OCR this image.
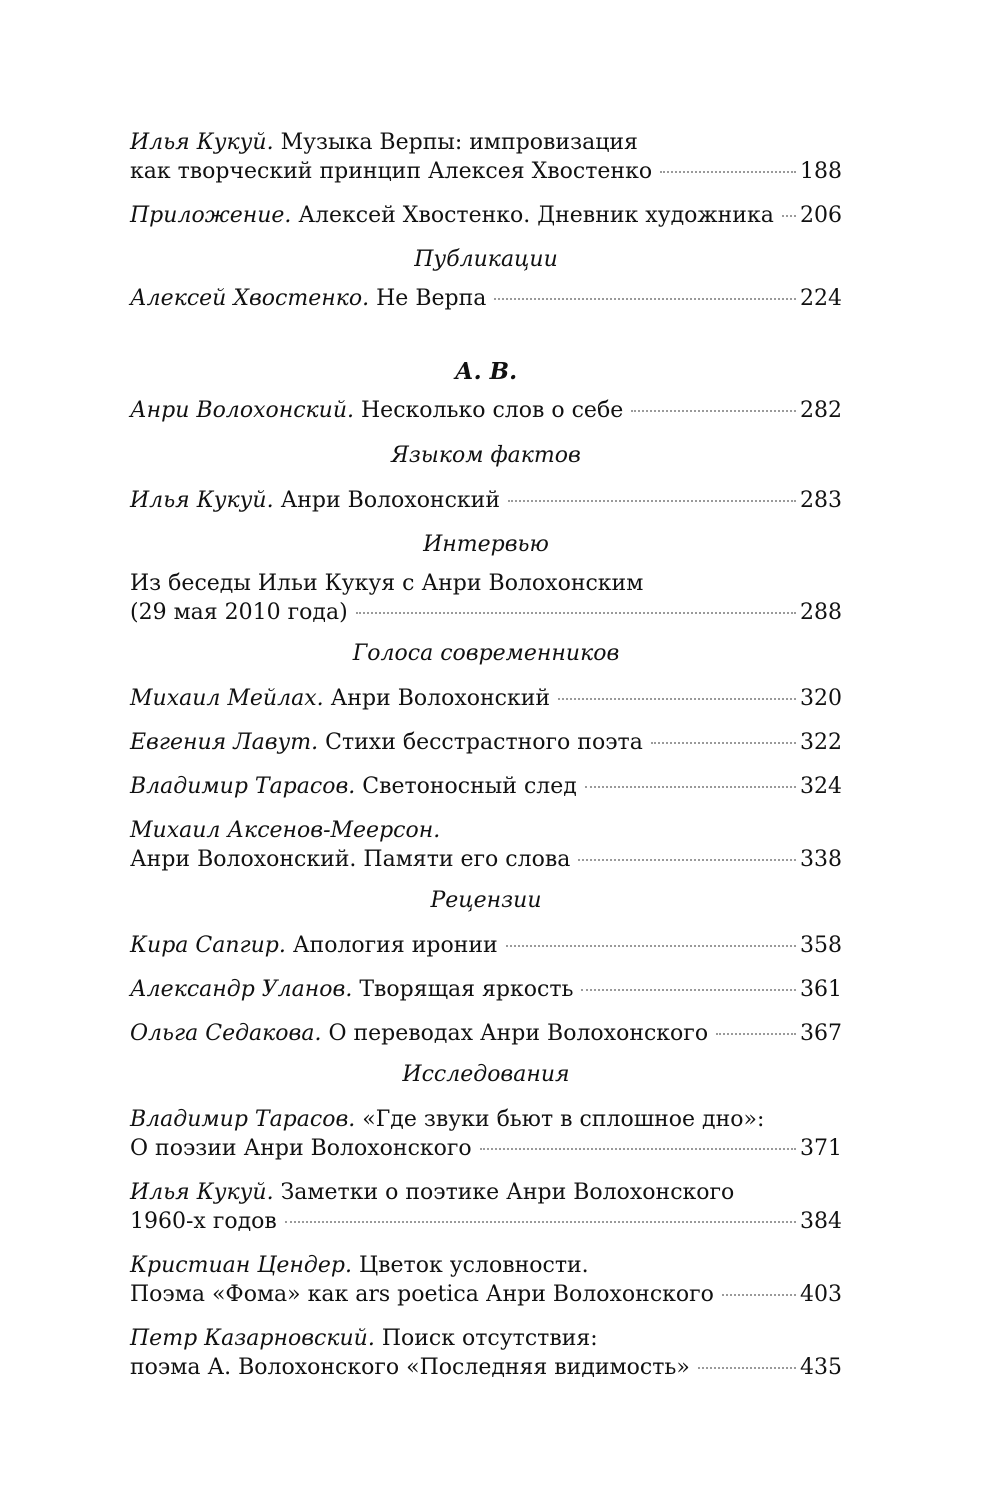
Илья Кукуй. Музыка Верпы: импровизация
как творческий принцип Алексея Хвостенко	188
Приложение. Алексей Хвостенко. Дневник художника 206
Публикации
Алексей Хвостенко. Не Верпа	224
А. В.
Анри Волохонский. Несколько слов о себе	282
Языком фактов
Илья Кукуй. Анри Волохонский	283
Интервью
Из беседы Ильи Кукуя с Анри Волохонским
(29 мая 2010 года)	288
Голоса современников
Михаил Мейлах. Анри Волохонский	320
Евгения Лавут. Стихи бесстрастного поэта	322
Владимир Тарасов. Светоносный след	324
Михаил Аксенов-Меерсон.
Анри Волохонский. Памяти его слова	338
Рецензии
Кира Сапгир. Апология иронии	358
Александр Уланов. Творящая яркость	361
Ольга Седакова. О переводах Анри Волохонского	367
Исследования
Владимир Тарасов. «Где звуки бьют в сплошное дно»:
О поэзии Анри Волохонского	371
Илья Кукуй. Заметки о поэтике Анри Волохонского
1960-х годов	384
Кристиан Цендер. Цветок условности.
Поэма «Фома» как ars poetica Анри Волохонского	403
Петр Казарновский. Поиск отсутствия:
поэма А. Волохонского «Последняя видимость»	435
